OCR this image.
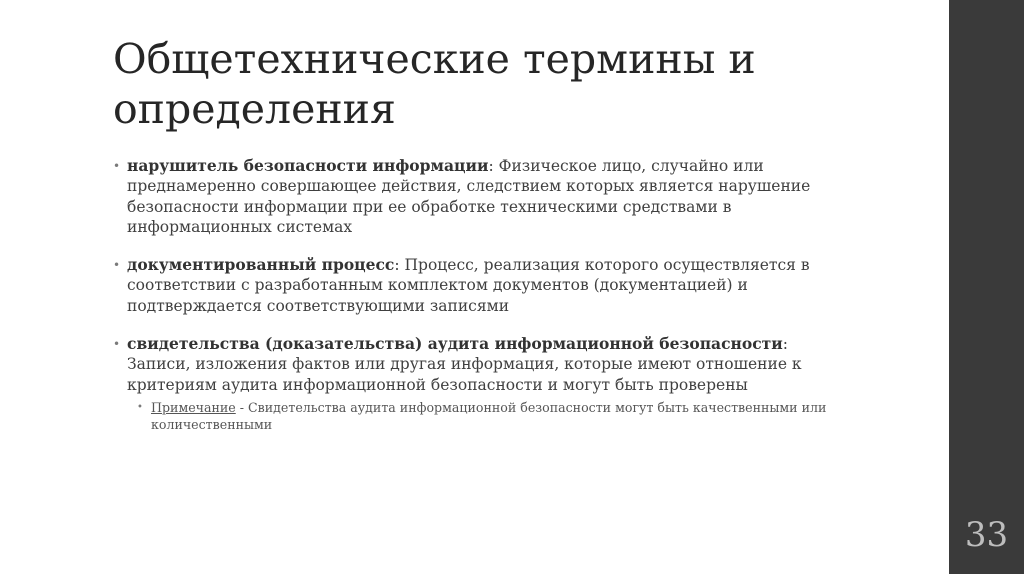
Общетехнические термины и определения
• нарушитель безопасности информации: Физическое лицо, случайно или преднамеренно совершающее действия, следствием которых является нарушение безопасности информации при ее обработке техническими средствами в информационных системах
• документированный процесс: Процесс, реализация которого осуществляется в соответствии с разработанным комплектом документов (документацией) и подтверждается соответствующими записями
• свидетельства (доказательства) аудита информационной безопасности: Записи, изложения фактов или другая информация, которые имеют отношение к критериям аудита информационной безопасности и могут быть проверены
• Примечание - Свидетельства аудита информационной безопасности могут быть качественными или количественными
33
